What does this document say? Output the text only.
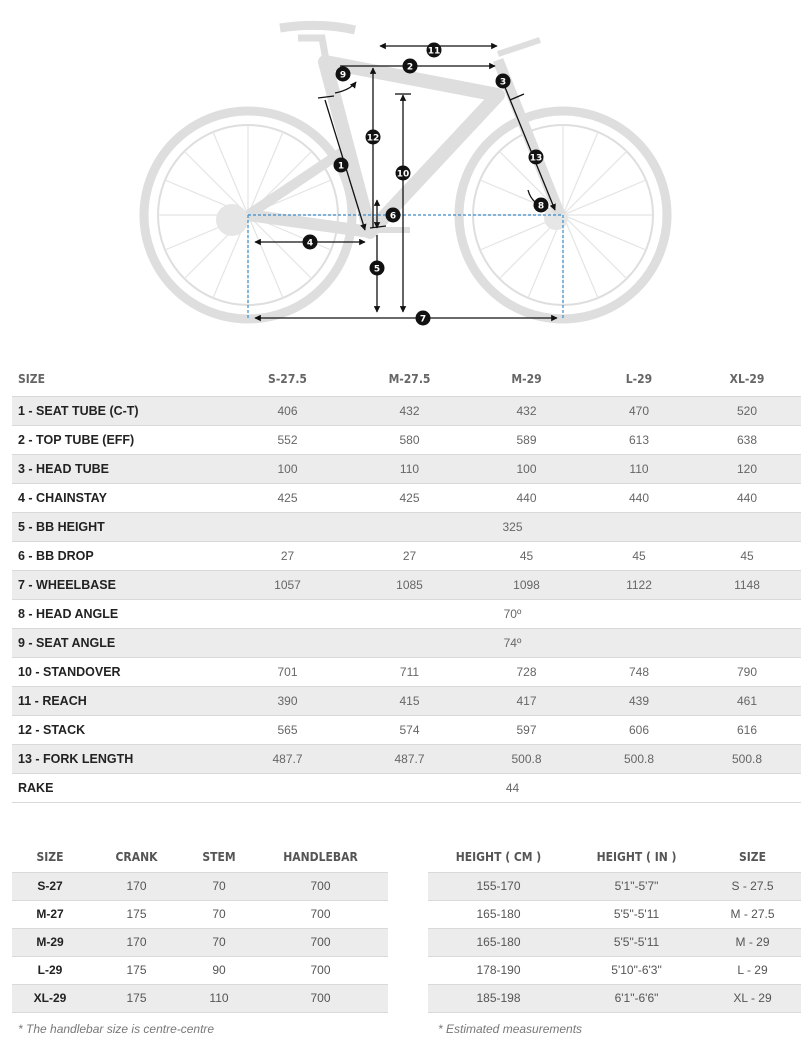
1
2
3
4
5
6
7
8
9
10
11
12
13
SIZE	S-27.5	M-27.5	M-29	L-29	XL-29
1 - SEAT TUBE (C-T)	406	432	432	470	520
2 - TOP TUBE (EFF)	552	580	589	613	638
3 - HEAD TUBE	100	110	100	110	120
4 - CHAINSTAY	425	425	440	440	440
5 - BB HEIGHT	325				
6 - BB DROP	27	27	45	45	45
7 - WHEELBASE	1057	1085	1098	1122	1148
8 - HEAD ANGLE	70º				
9 - SEAT ANGLE	74º				
10 - STANDOVER	701	711	728	748	790
11 - REACH	390	415	417	439	461
12 - STACK	565	574	597	606	616
13 - FORK LENGTH	487.7	487.7	500.8	500.8	500.8
RAKE	44				
SIZE	CRANK	STEM	HANDLEBAR
S-27	170	70	700
M-27	175	70	700
M-29	170	70	700
L-29	175	90	700
XL-29	175	110	700
HEIGHT ( CM )	HEIGHT ( IN )	SIZE
155-170	5'1"-5'7"	S - 27.5
165-180	5'5"-5'11	M - 27.5
165-180	5'5"-5'11	M - 29
178-190	5'10"-6'3"	L - 29
185-198	6'1"-6'6"	XL - 29
* The handlebar size is centre-centre	* Estimated measurements
